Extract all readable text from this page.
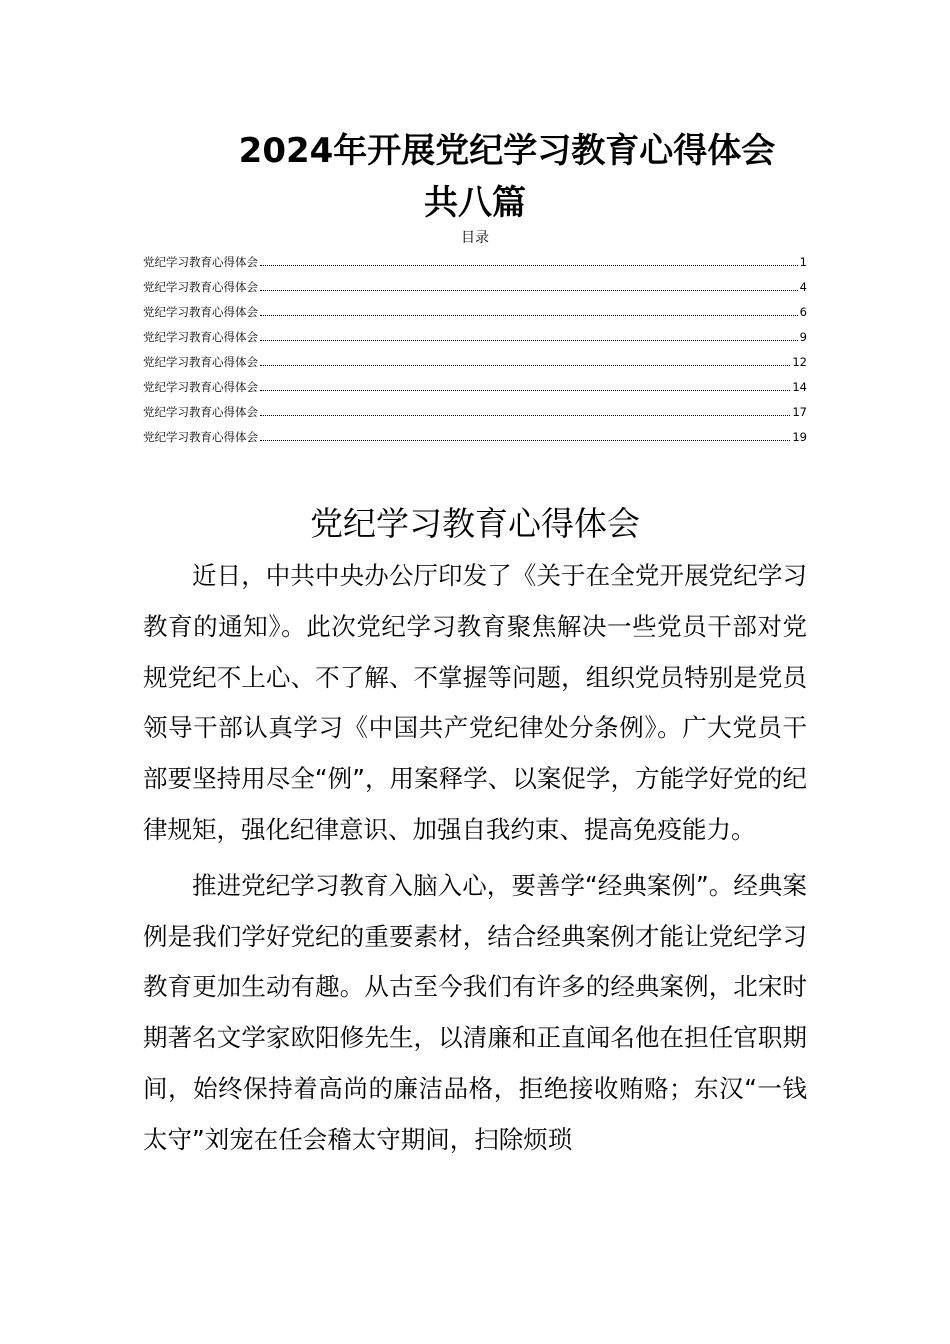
2024年开展党纪学习教育心得体会
共八篇
目录
党纪学习教育心得体会	1
党纪学习教育心得体会	4
党纪学习教育心得体会	6
党纪学习教育心得体会	9
党纪学习教育心得体会	12
党纪学习教育心得体会	14
党纪学习教育心得体会	17
党纪学习教育心得体会	19
党纪学习教育心得体会

近日，中共中央办公厅印发了《关于在全党开展党纪学习教育的通知》。此次党纪学习教育聚焦解决一些党员干部对党规党纪不上心、不了解、不掌握等问题，组织党员特别是党员领导干部认真学习《中国共产党纪律处分条例》。广大党员干部要坚持用尽全“例”，用案释学、以案促学，方能学好党的纪律规矩，强化纪律意识、加强自我约束、提高免疫能力。

推进党纪学习教育入脑入心，要善学“经典案例”。经典案例是我们学好党纪的重要素材，结合经典案例才能让党纪学习教育更加生动有趣。从古至今我们有许多的经典案例，北宋时期著名文学家欧阳修先生，以清廉和正直闻名他在担任官职期间，始终保持着高尚的廉洁品格，拒绝接收贿赂；东汉“一钱太守”刘宠在任会稽太守期间，扫除烦琐
